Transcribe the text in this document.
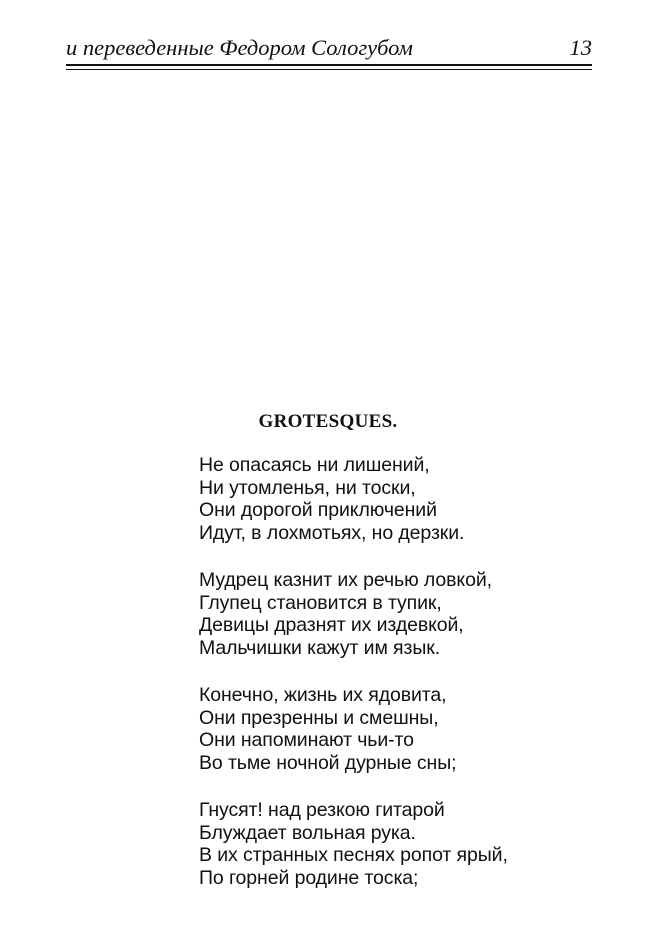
и переведенные Федором Сологубом	13
GROTESQUES.
Не опасаясь ни лишений,
Ни утомленья, ни тоски,
Они дорогой приключений
Идут, в лохмотьях, но дерзки.
Мудрец казнит их речью ловкой,
Глупец становится в тупик,
Девицы дразнят их издевкой,
Мальчишки кажут им язык.
Конечно, жизнь их ядовита,
Они презренны и смешны,
Они напоминают чьи-то
Во тьме ночной дурные сны;
Гнусят! над резкою гитарой
Блуждает вольная рука.
В их странных песнях ропот ярый,
По горней родине тоска;
